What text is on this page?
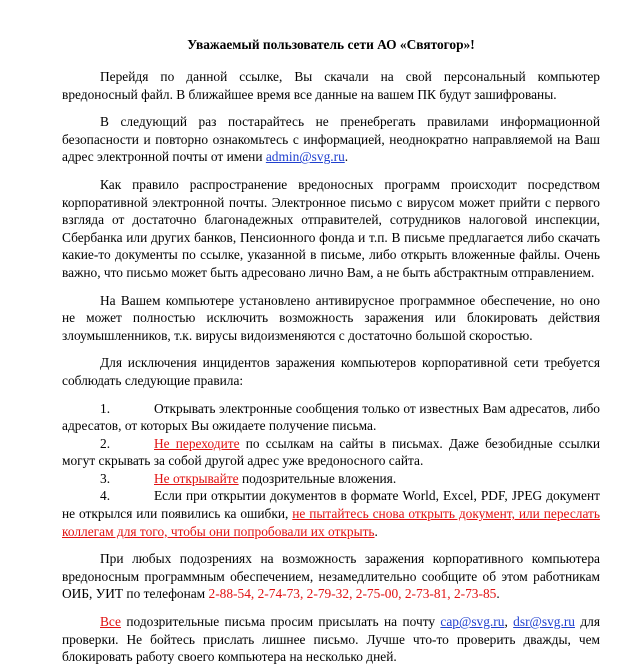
Уважаемый пользователь сети АО «Святогор»!

Перейдя по данной ссылке, Вы скачали на свой персональный компьютер вредоносный файл. В ближайшее время все данные на вашем ПК будут зашифрованы.

В следующий раз постарайтесь не пренебрегать правилами информационной безопасности и повторно ознакомьтесь с информацией, неоднократно направляемой на Ваш адрес электронной почты от имени admin@svg.ru.

Как правило распространение вредоносных программ происходит посредством корпоративной электронной почты. Электронное письмо с вирусом может прийти с первого взгляда от достаточно благонадежных отправителей, сотрудников налоговой инспекции, Сбербанка или других банков, Пенсионного фонда и т.п. В письме предлагается либо скачать какие-то документы по ссылке, указанной в письме, либо открыть вложенные файлы. Очень важно, что письмо может быть адресовано лично Вам, а не быть абстрактным отправлением.

На Вашем компьютере установлено антивирусное программное обеспечение, но оно не может полностью исключить возможность заражения или блокировать действия злоумышленников, т.к. вирусы видоизменяются с достаточно большой скоростью.

Для исключения инцидентов заражения компьютеров корпоративной сети требуется соблюдать следующие правила:

1.	Открывать электронные сообщения только от известных Вам адресатов, либо адресатов, от которых Вы ожидаете получение письма.
2.	Не переходите по ссылкам на сайты в письмах. Даже безобидные ссылки могут скрывать за собой другой адрес уже вредоносного сайта.
3.	Не открывайте подозрительные вложения.
4.	Если при открытии документов в формате World, Excel, PDF, JPEG документ не открылся или появились ка ошибки, не пытайтесь снова открыть документ, или переслать коллегам для того, чтобы они попробовали их открыть.

При любых подозрениях на возможность заражения корпоративного компьютера вредоносным программным обеспечением, незамедлительно сообщите об этом работникам ОИБ, УИТ по телефонам 2-88-54, 2-74-73, 2-79-32, 2-75-00, 2-73-81, 2-73-85.

Все подозрительные письма просим присылать на почту cap@svg.ru, dsr@svg.ru для проверки. Не бойтесь прислать лишнее письмо. Лучше что-то проверить дважды, чем блокировать работу своего компьютера на несколько дней.
